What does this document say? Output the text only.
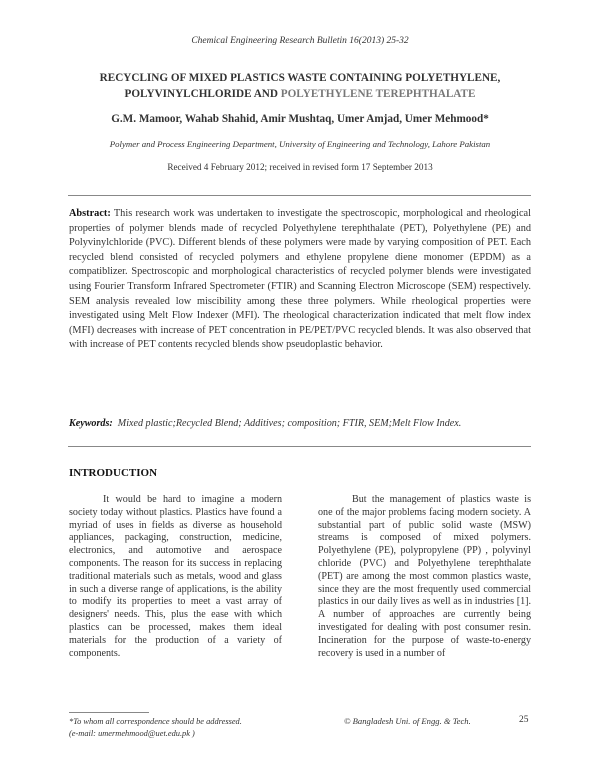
Chemical Engineering Research Bulletin 16(2013) 25-32
RECYCLING OF MIXED PLASTICS WASTE CONTAINING POLYETHYLENE,
POLYVINYLCHLORIDE AND POLYETHYLENE TEREPHTHALATE
G.M. Mamoor, Wahab Shahid, Amir Mushtaq, Umer Amjad, Umer Mehmood*
Polymer and Process Engineering Department, University of Engineering and Technology, Lahore Pakistan
Received 4 February 2012; received in revised form 17 September 2013
Abstract: This research work was undertaken to investigate the spectroscopic, morphological and rheological properties of polymer blends made of recycled Polyethylene terephthalate (PET), Polyethylene (PE) and Polyvinylchloride (PVC). Different blends of these polymers were made by varying composition of PET. Each recycled blend consisted of recycled polymers and ethylene propylene diene monomer (EPDM) as a compatiblizer. Spectroscopic and morphological characteristics of recycled polymer blends were investigated using Fourier Transform Infrared Spectrometer (FTIR) and Scanning Electron Microscope (SEM) respectively. SEM analysis revealed low miscibility among these three polymers. While rheological properties were investigated using Melt Flow Indexer (MFI). The rheological characterization indicated that melt flow index (MFI) decreases with increase of PET concentration in PE/PET/PVC recycled blends. It was also observed that with increase of PET contents recycled blends show pseudoplastic behavior.
Keywords: Mixed plastic;Recycled Blend; Additives; composition; FTIR, SEM;Melt Flow Index.
INTRODUCTION

It would be hard to imagine a modern society today without plastics. Plastics have found a myriad of uses in fields as diverse as household appliances, packaging, construction, medicine, electronics, and automotive and aerospace components. The reason for its success in replacing traditional materials such as metals, wood and glass in such a diverse range of applications, is the ability to modify its properties to meet a vast array of designers' needs. This, plus the ease with which plastics can be processed, makes them ideal materials for the production of a variety of components.

But the management of plastics waste is one of the major problems facing modern society. A substantial part of public solid waste (MSW) streams is composed of mixed polymers. Polyethylene (PE), polypropylene (PP) , polyvinyl chloride (PVC) and Polyethylene terephthalate (PET) are among the most common plastics waste, since they are the most frequently used commercial plastics in our daily lives as well as in industries [1]. A number of approaches are currently being investigated for dealing with post consumer resin. Incineration for the purpose of waste-to-energy recovery is used in a number of

*To whom all correspondence should be addressed.
(e-mail: umermehmood@uet.edu.pk )
© Bangladesh Uni. of Engg. & Tech.	25
